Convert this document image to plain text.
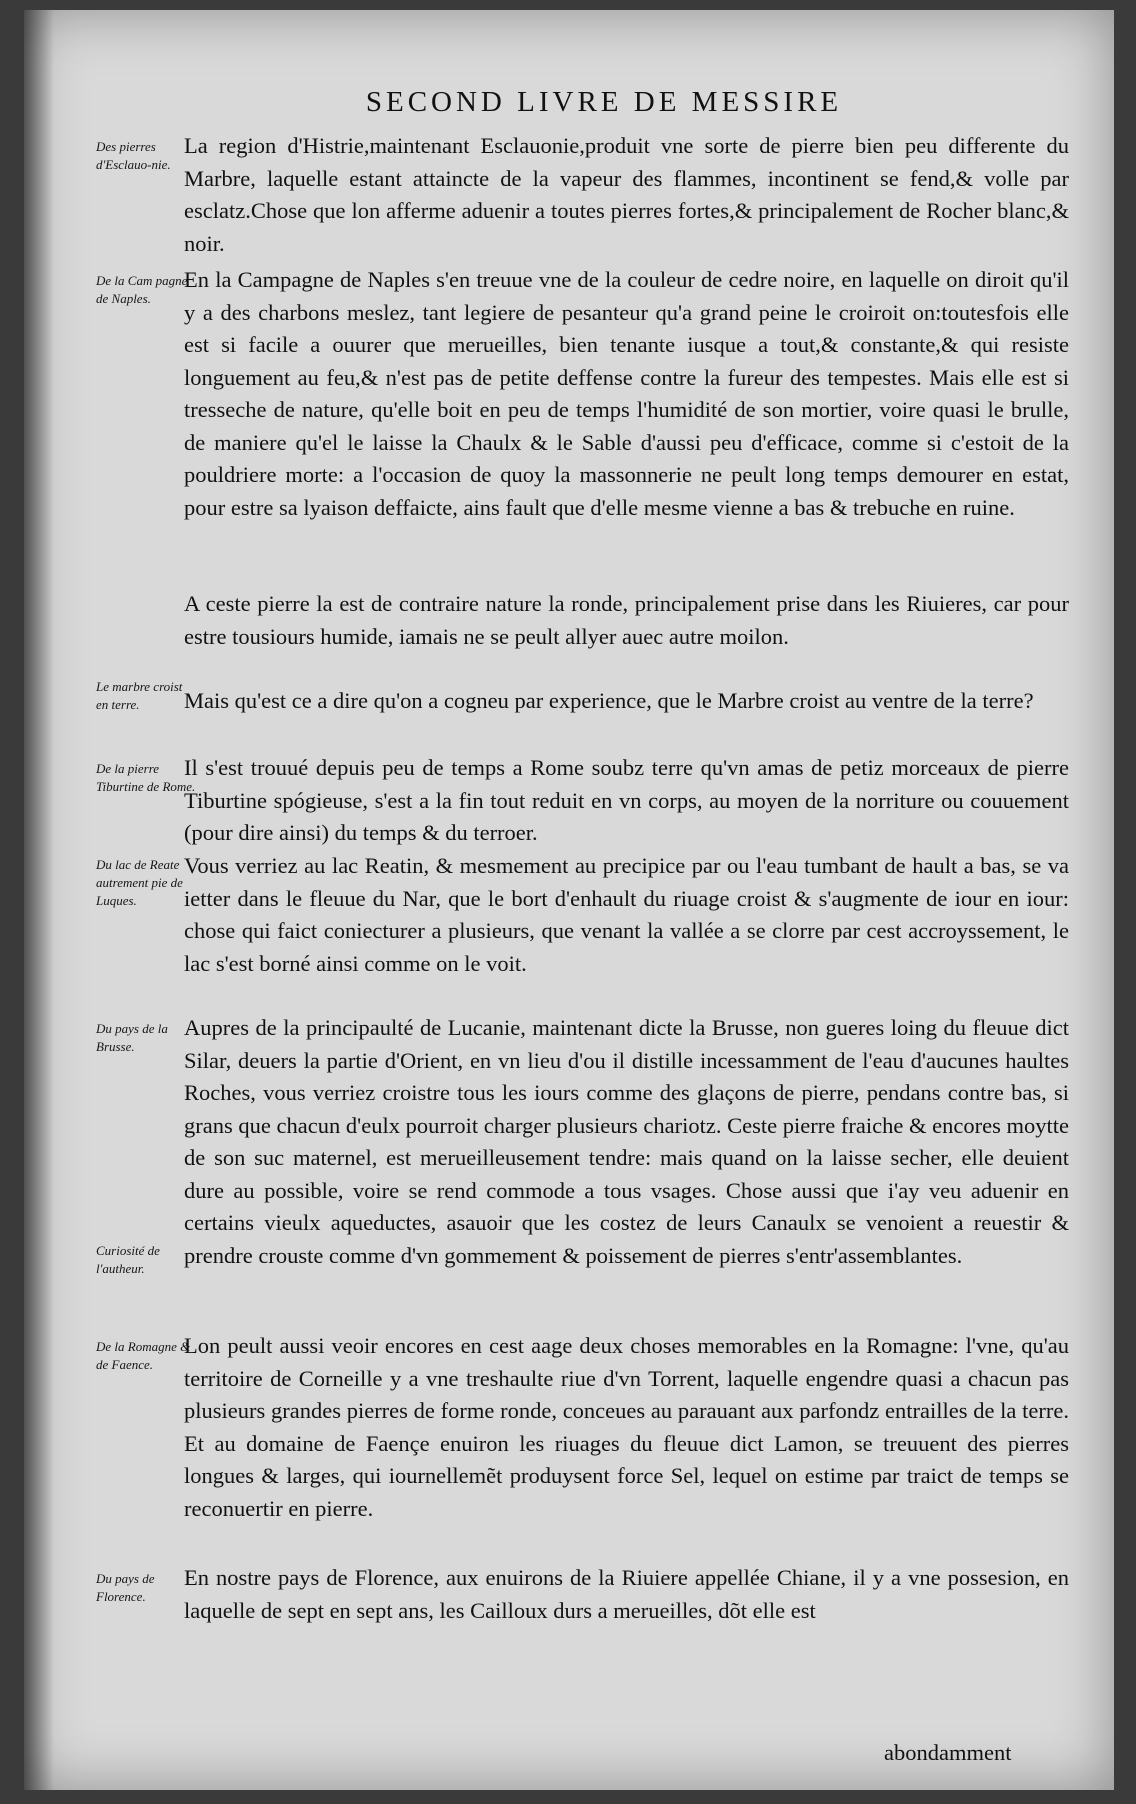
SECOND LIVRE DE MESSIRE
Des pierres d'Esclauo-nie.
La region d'Histrie,maintenant Esclauonie,produit vne sorte de pierre bien peu differente du Marbre, laquelle estant attaincte de la vapeur des flammes, incontinent se fend,& volle par esclatz.Chose que lon afferme aduenir a toutes pierres fortes,& principalement de Rocher blanc,& noir.
De la Cam pagne de Naples.
En la Campagne de Naples s'en treuue vne de la couleur de cedre noire, en laquelle on diroit qu'il y a des charbons meslez, tant legiere de pesanteur qu'a grand peine le croiroit on:toutesfois elle est si facile a ouurer que merueilles, bien tenante iusque a tout,& constante,& qui resiste longuement au feu,& n'est pas de petite deffense contre la fureur des tempestes. Mais elle est si tresseche de nature, qu'elle boit en peu de temps l'humidité de son mortier, voire quasi le brulle, de maniere qu'el le laisse la Chaulx & le Sable d'aussi peu d'efficace, comme si c'estoit de la pouldriere morte: a l'occasion de quoy la massonnerie ne peult long temps demourer en estat, pour estre sa lyaison deffaicte, ains fault que d'elle mesme vienne a bas & trebuche en ruine.
A ceste pierre la est de contraire nature la ronde, principalement prise dans les Riuieres, car pour estre tousiours humide, iamais ne se peult allyer auec autre moilon.
Le marbre croist en terre.	Mais qu'est ce a dire qu'on a cogneu par experience, que le Marbre croist au ventre de la terre?
De la pierre Tiburtine de Rome.
Il s'est trouué depuis peu de temps a Rome soubz terre qu'vn amas de petiz morceaux de pierre Tiburtine spógieuse, s'est a la fin tout reduit en vn corps, au moyen de la norriture ou couuement (pour dire ainsi) du temps & du terroer.
Du lac de Reate autrement pie de Luques.
Vous verriez au lac Reatin, & mesmement au precipice par ou l'eau tumbant de hault a bas, se va ietter dans le fleuue du Nar, que le bort d'enhault du riuage croist & s'augmente de iour en iour: chose qui faict coniecturer a plusieurs, que venant la vallée a se clorre par cest accroyssement, le lac s'est borné ainsi comme on le voit.
Du pays de la Brusse.
Aupres de la principaulté de Lucanie, maintenant dicte la Brusse, non gueres loing du fleuue dict Silar, deuers la partie d'Orient, en vn lieu d'ou il distille incessamment de l'eau d'aucunes haultes Roches, vous verriez croistre tous les iours comme des glaçons de pierre, pendans contre bas, si grans que chacun d'eulx pourroit charger plusieurs chariotz. Ceste pierre fraiche & encores moytte de son suc maternel, est merueilleusement tendre: mais quand on la laisse secher, elle deuient dure au possible, voire se rend commode a tous vsages. Chose aussi que i'ay veu aduenir en certains vieulx aqueductes, asauoir que les costez de leurs Canaulx se venoient a reuestir & prendre crouste comme d'vn gommement & poissement de pierres s'entr'assemblantes.
Curiosité de l'autheur.
De la Romagne & de Faence.
Lon peult aussi veoir encores en cest aage deux choses memorables en la Romagne: l'vne, qu'au territoire de Corneille y a vne treshaulte riue d'vn Torrent, laquelle engendre quasi a chacun pas plusieurs grandes pierres de forme ronde, conceues au parauant aux parfondz entrailles de la terre. Et au domaine de Faençe enuiron les riuages du fleuue dict Lamon, se treuuent des pierres longues & larges, qui iournellemẽt produysent force Sel, lequel on estime par traict de temps se reconuertir en pierre.
Du pays de Florence.
En nostre pays de Florence, aux enuirons de la Riuiere appellée Chiane, il y a vne possesion, en laquelle de sept en sept ans, les Cailloux durs a merueilles, dõt elle est
abondamment
